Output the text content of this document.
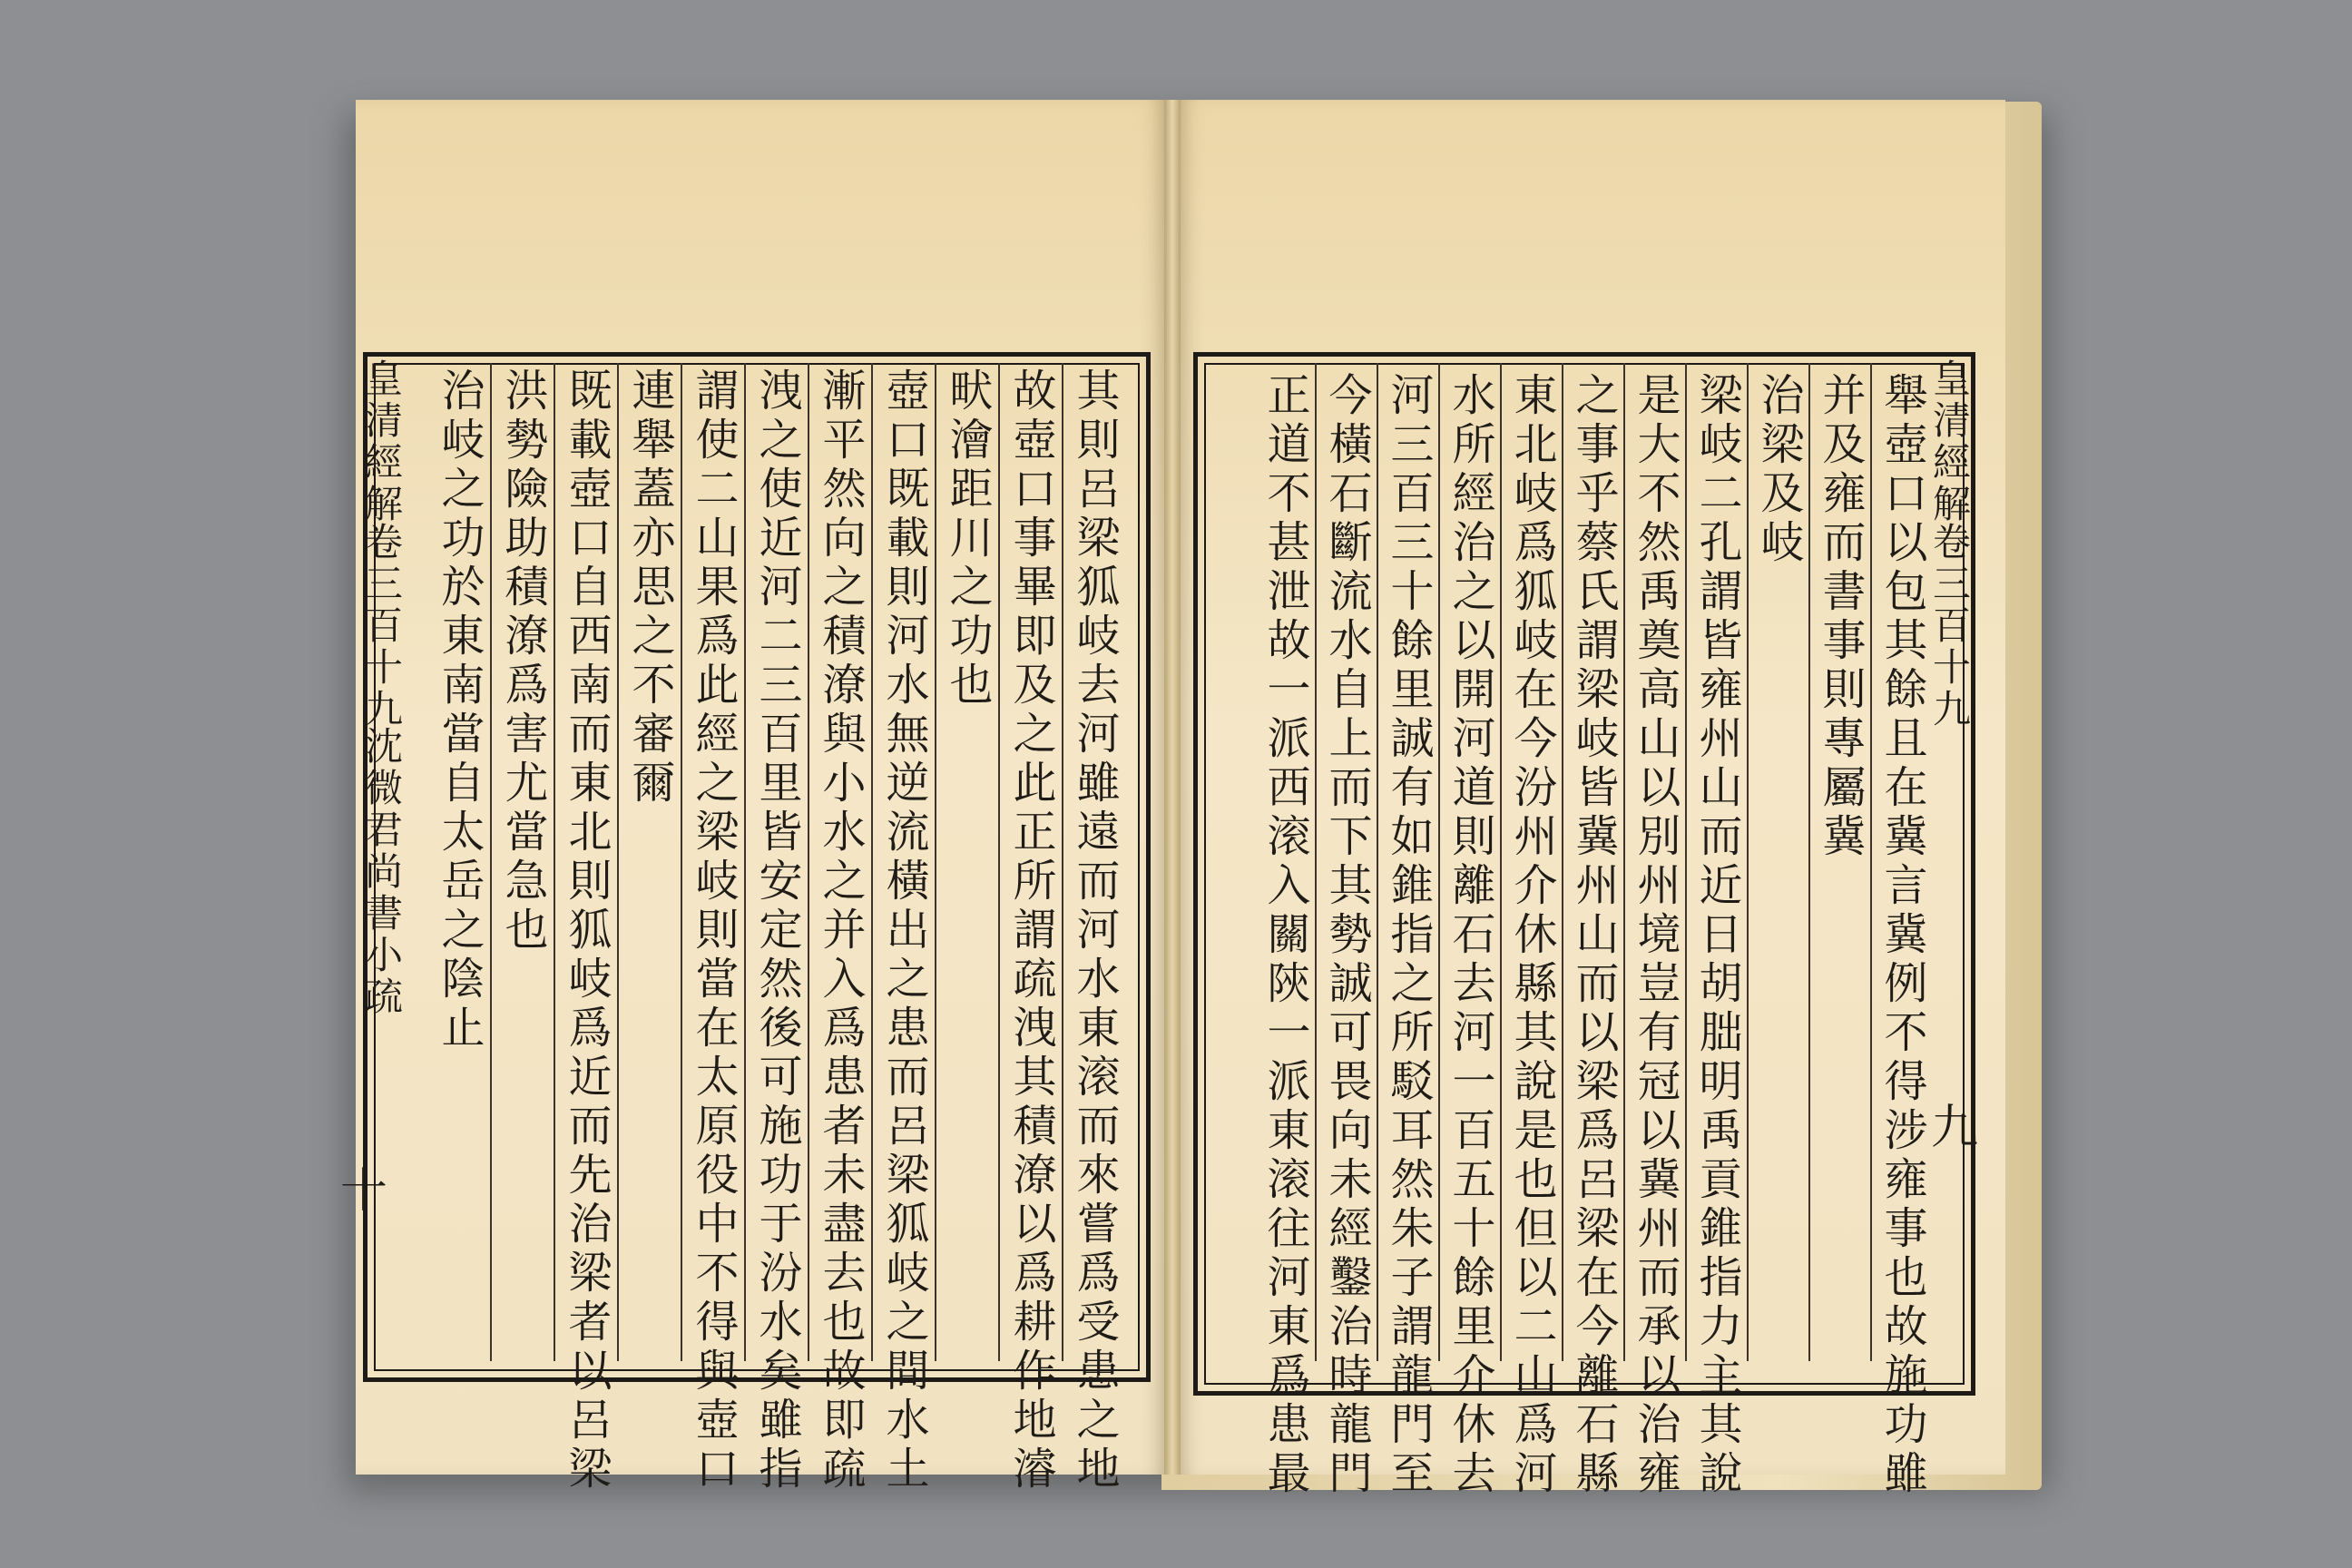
皇清經解
卷三百十九
沈微君尚書小疏
十	其則呂梁狐岐去河雖遠而河水東滚而來嘗爲受患之地
故壺口事畢即及之此正所謂疏洩其積潦以爲耕作地濬
畎澮距川之功也
壺口既載則河水無逆流橫出之患而呂梁狐岐之間水土
漸平然向之積潦與小水之并入爲患者未盡去也故即疏
洩之使近河二三百里皆安定然後可施功于汾水矣雖指
謂使二山果爲此經之梁岐則當在太原役中不得與壺口
連舉蓋亦思之不審爾
既載壺口自西南而東北則狐岐爲近而先治梁者以呂梁
洪勢險助積潦爲害尤當急也
治岐之功於東南當自太岳之陰止	皇清經解
卷三百十九
九
舉壺口以包其餘且在冀言冀例不得涉雍事也故施功雖
并及雍而書事則專屬冀
治梁及岐
梁岐二孔謂皆雍州山而近日胡朏明禹貢錐指力主其說
是大不然禹奠高山以別州境豈有冠以冀州而承以治雍
之事乎蔡氏謂梁岐皆冀州山而以梁爲呂梁在今離石縣
東北岐爲狐岐在今汾州介休縣其說是也但以二山爲河
水所經治之以開河道則離石去河一百五十餘里介休去
河三百三十餘里誠有如錐指之所駁耳然朱子謂龍門至
今橫石斷流水自上而下其勢誠可畏向未經鑿治時龍門
正道不甚泄故一派西滚入關陝一派東滚往河東爲患最
